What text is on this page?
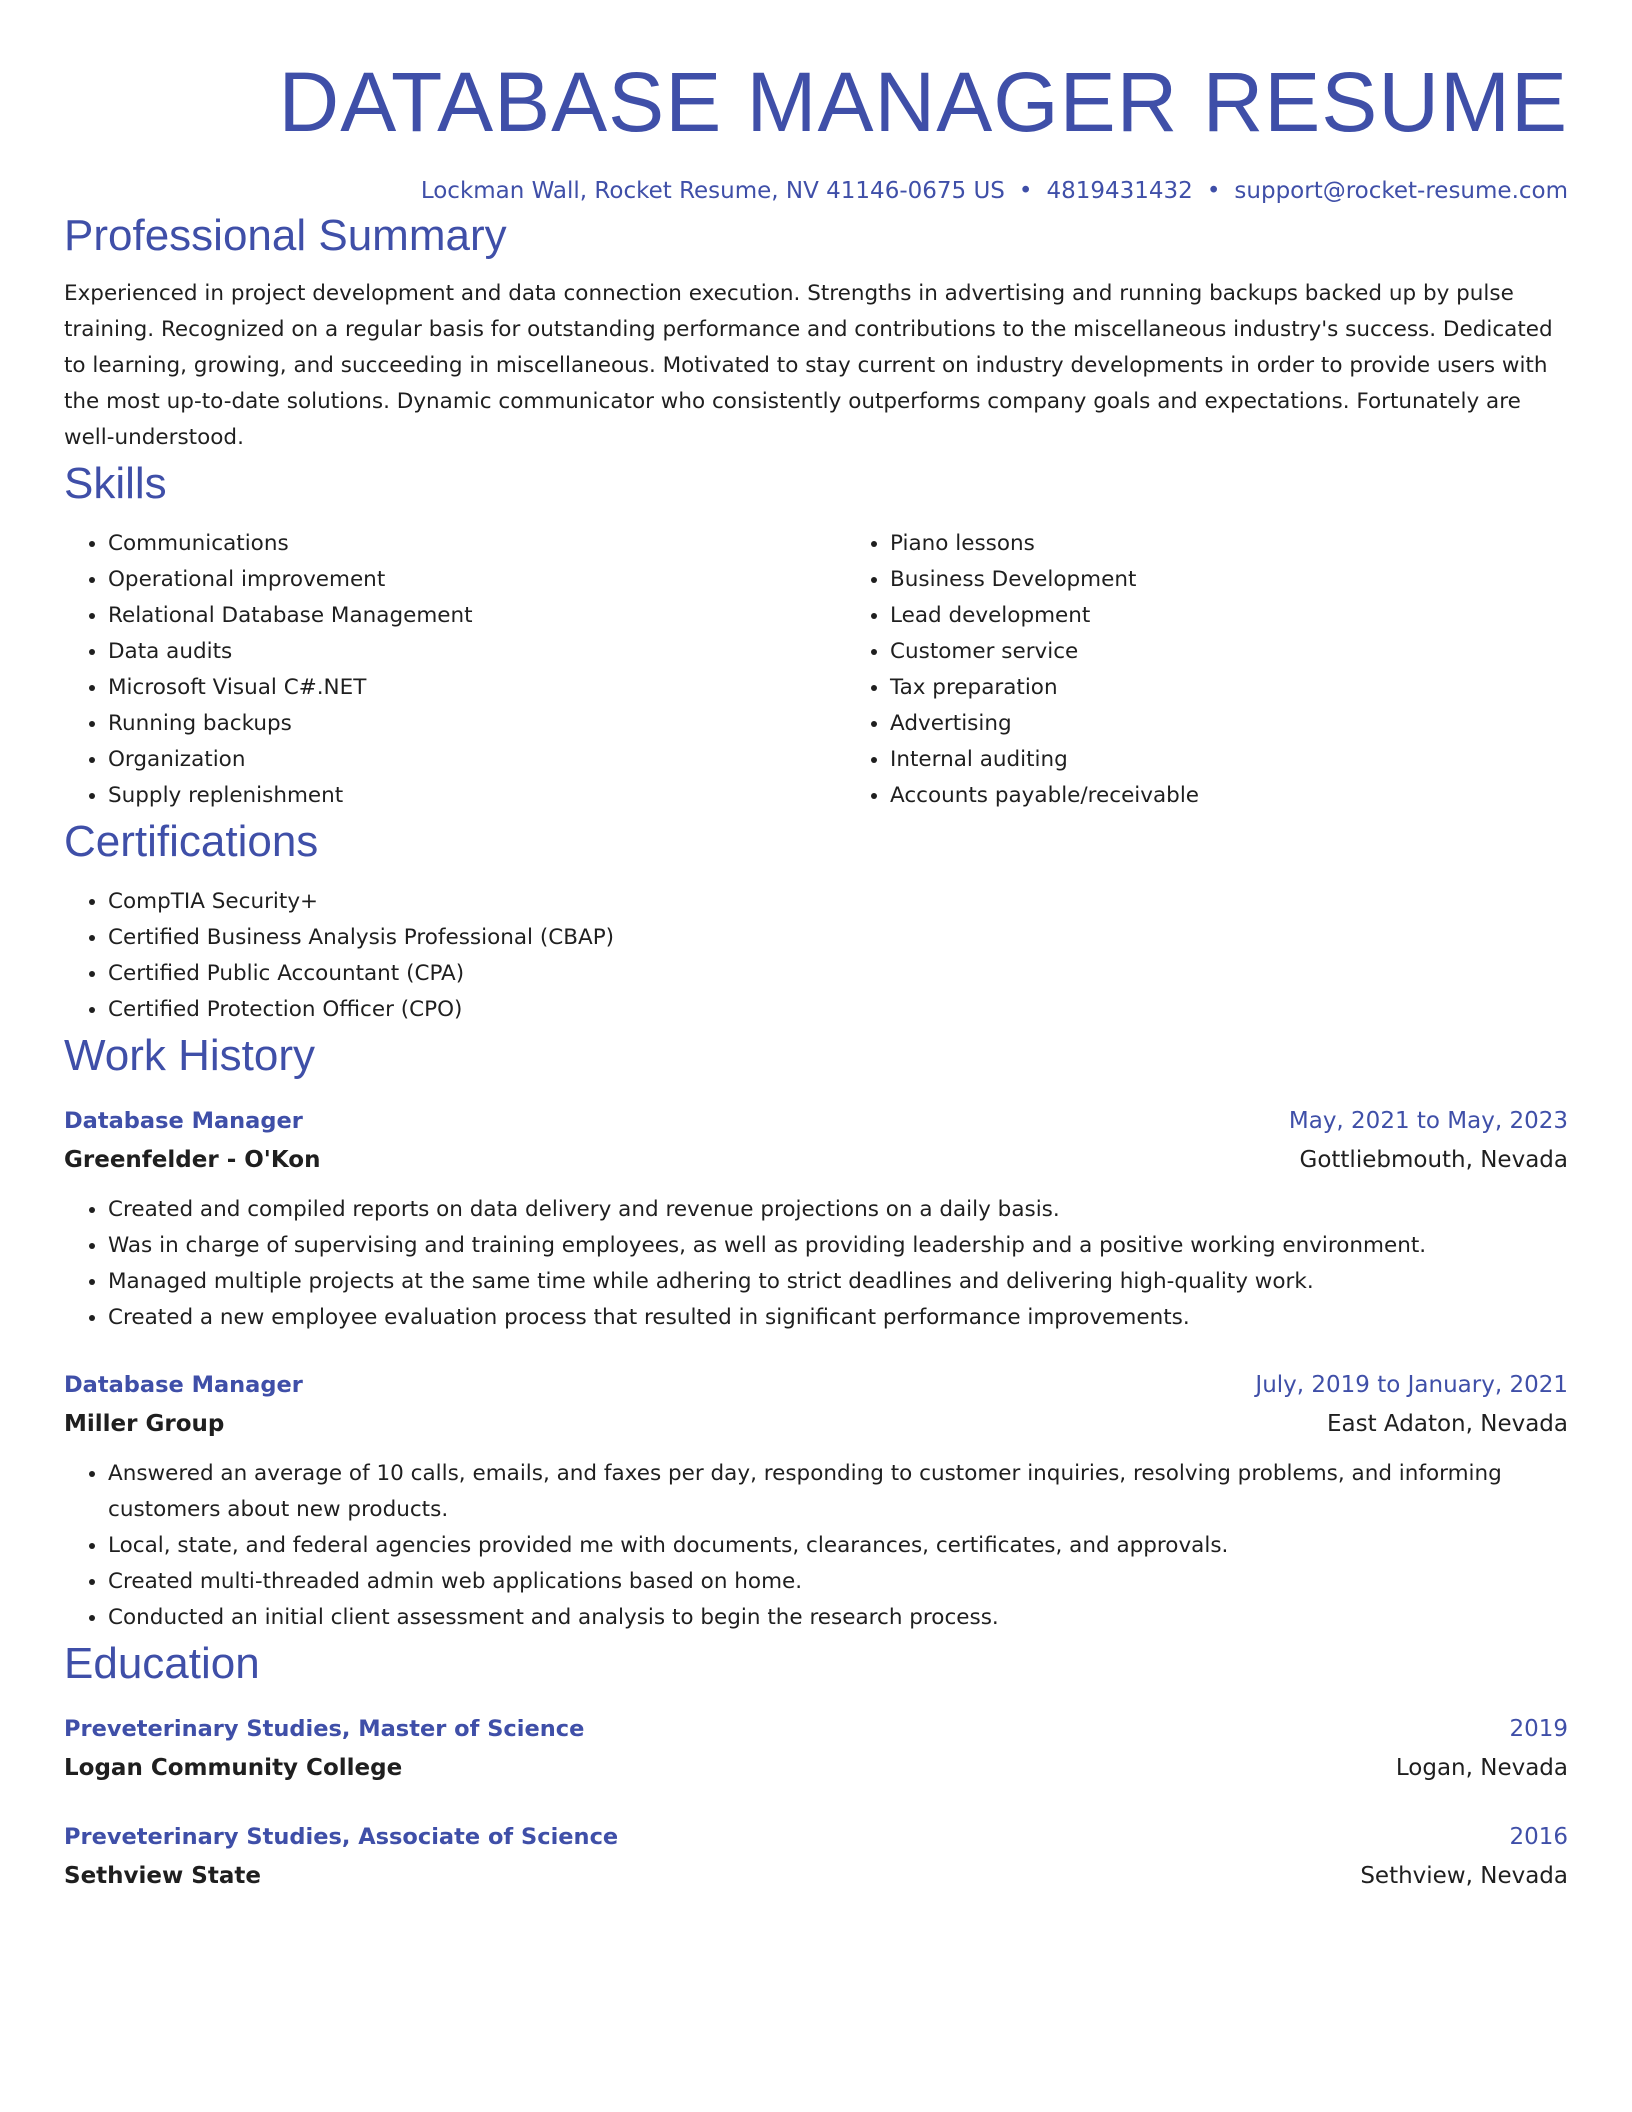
DATABASE MANAGER RESUME
Lockman Wall, Rocket Resume, NV 41146-0675 US • 4819431432 • support@rocket-resume.com
Professional Summary

Experienced in project development and data connection execution. Strengths in advertising and running backups backed up by pulse training. Recognized on a regular basis for outstanding performance and contributions to the miscellaneous industry's success. Dedicated to learning, growing, and succeeding in miscellaneous. Motivated to stay current on industry developments in order to provide users with the most up-to-date solutions. Dynamic communicator who consistently outperforms company goals and expectations. Fortunately are well-understood.

Skills
• Communications
• Operational improvement
• Relational Database Management
• Data audits
• Microsoft Visual C#.NET
• Running backups
• Organization
• Supply replenishment
• Piano lessons
• Business Development
• Lead development
• Customer service
• Tax preparation
• Advertising
• Internal auditing
• Accounts payable/receivable
Certifications
• CompTIA Security+
• Certified Business Analysis Professional (CBAP)
• Certified Public Accountant (CPA)
• Certified Protection Officer (CPO)
Work History
Database Manager	May, 2021 to May, 2023
Greenfelder - O'Kon	Gottliebmouth, Nevada
• Created and compiled reports on data delivery and revenue projections on a daily basis.
• Was in charge of supervising and training employees, as well as providing leadership and a positive working environment.
• Managed multiple projects at the same time while adhering to strict deadlines and delivering high-quality work.
• Created a new employee evaluation process that resulted in significant performance improvements.
Database Manager	July, 2019 to January, 2021
Miller Group	East Adaton, Nevada
• Answered an average of 10 calls, emails, and faxes per day, responding to customer inquiries, resolving problems, and informing customers about new products.
• Local, state, and federal agencies provided me with documents, clearances, certificates, and approvals.
• Created multi-threaded admin web applications based on home.
• Conducted an initial client assessment and analysis to begin the research process.
Education
Preveterinary Studies, Master of Science	2019
Logan Community College	Logan, Nevada
Preveterinary Studies, Associate of Science	2016
Sethview State	Sethview, Nevada
